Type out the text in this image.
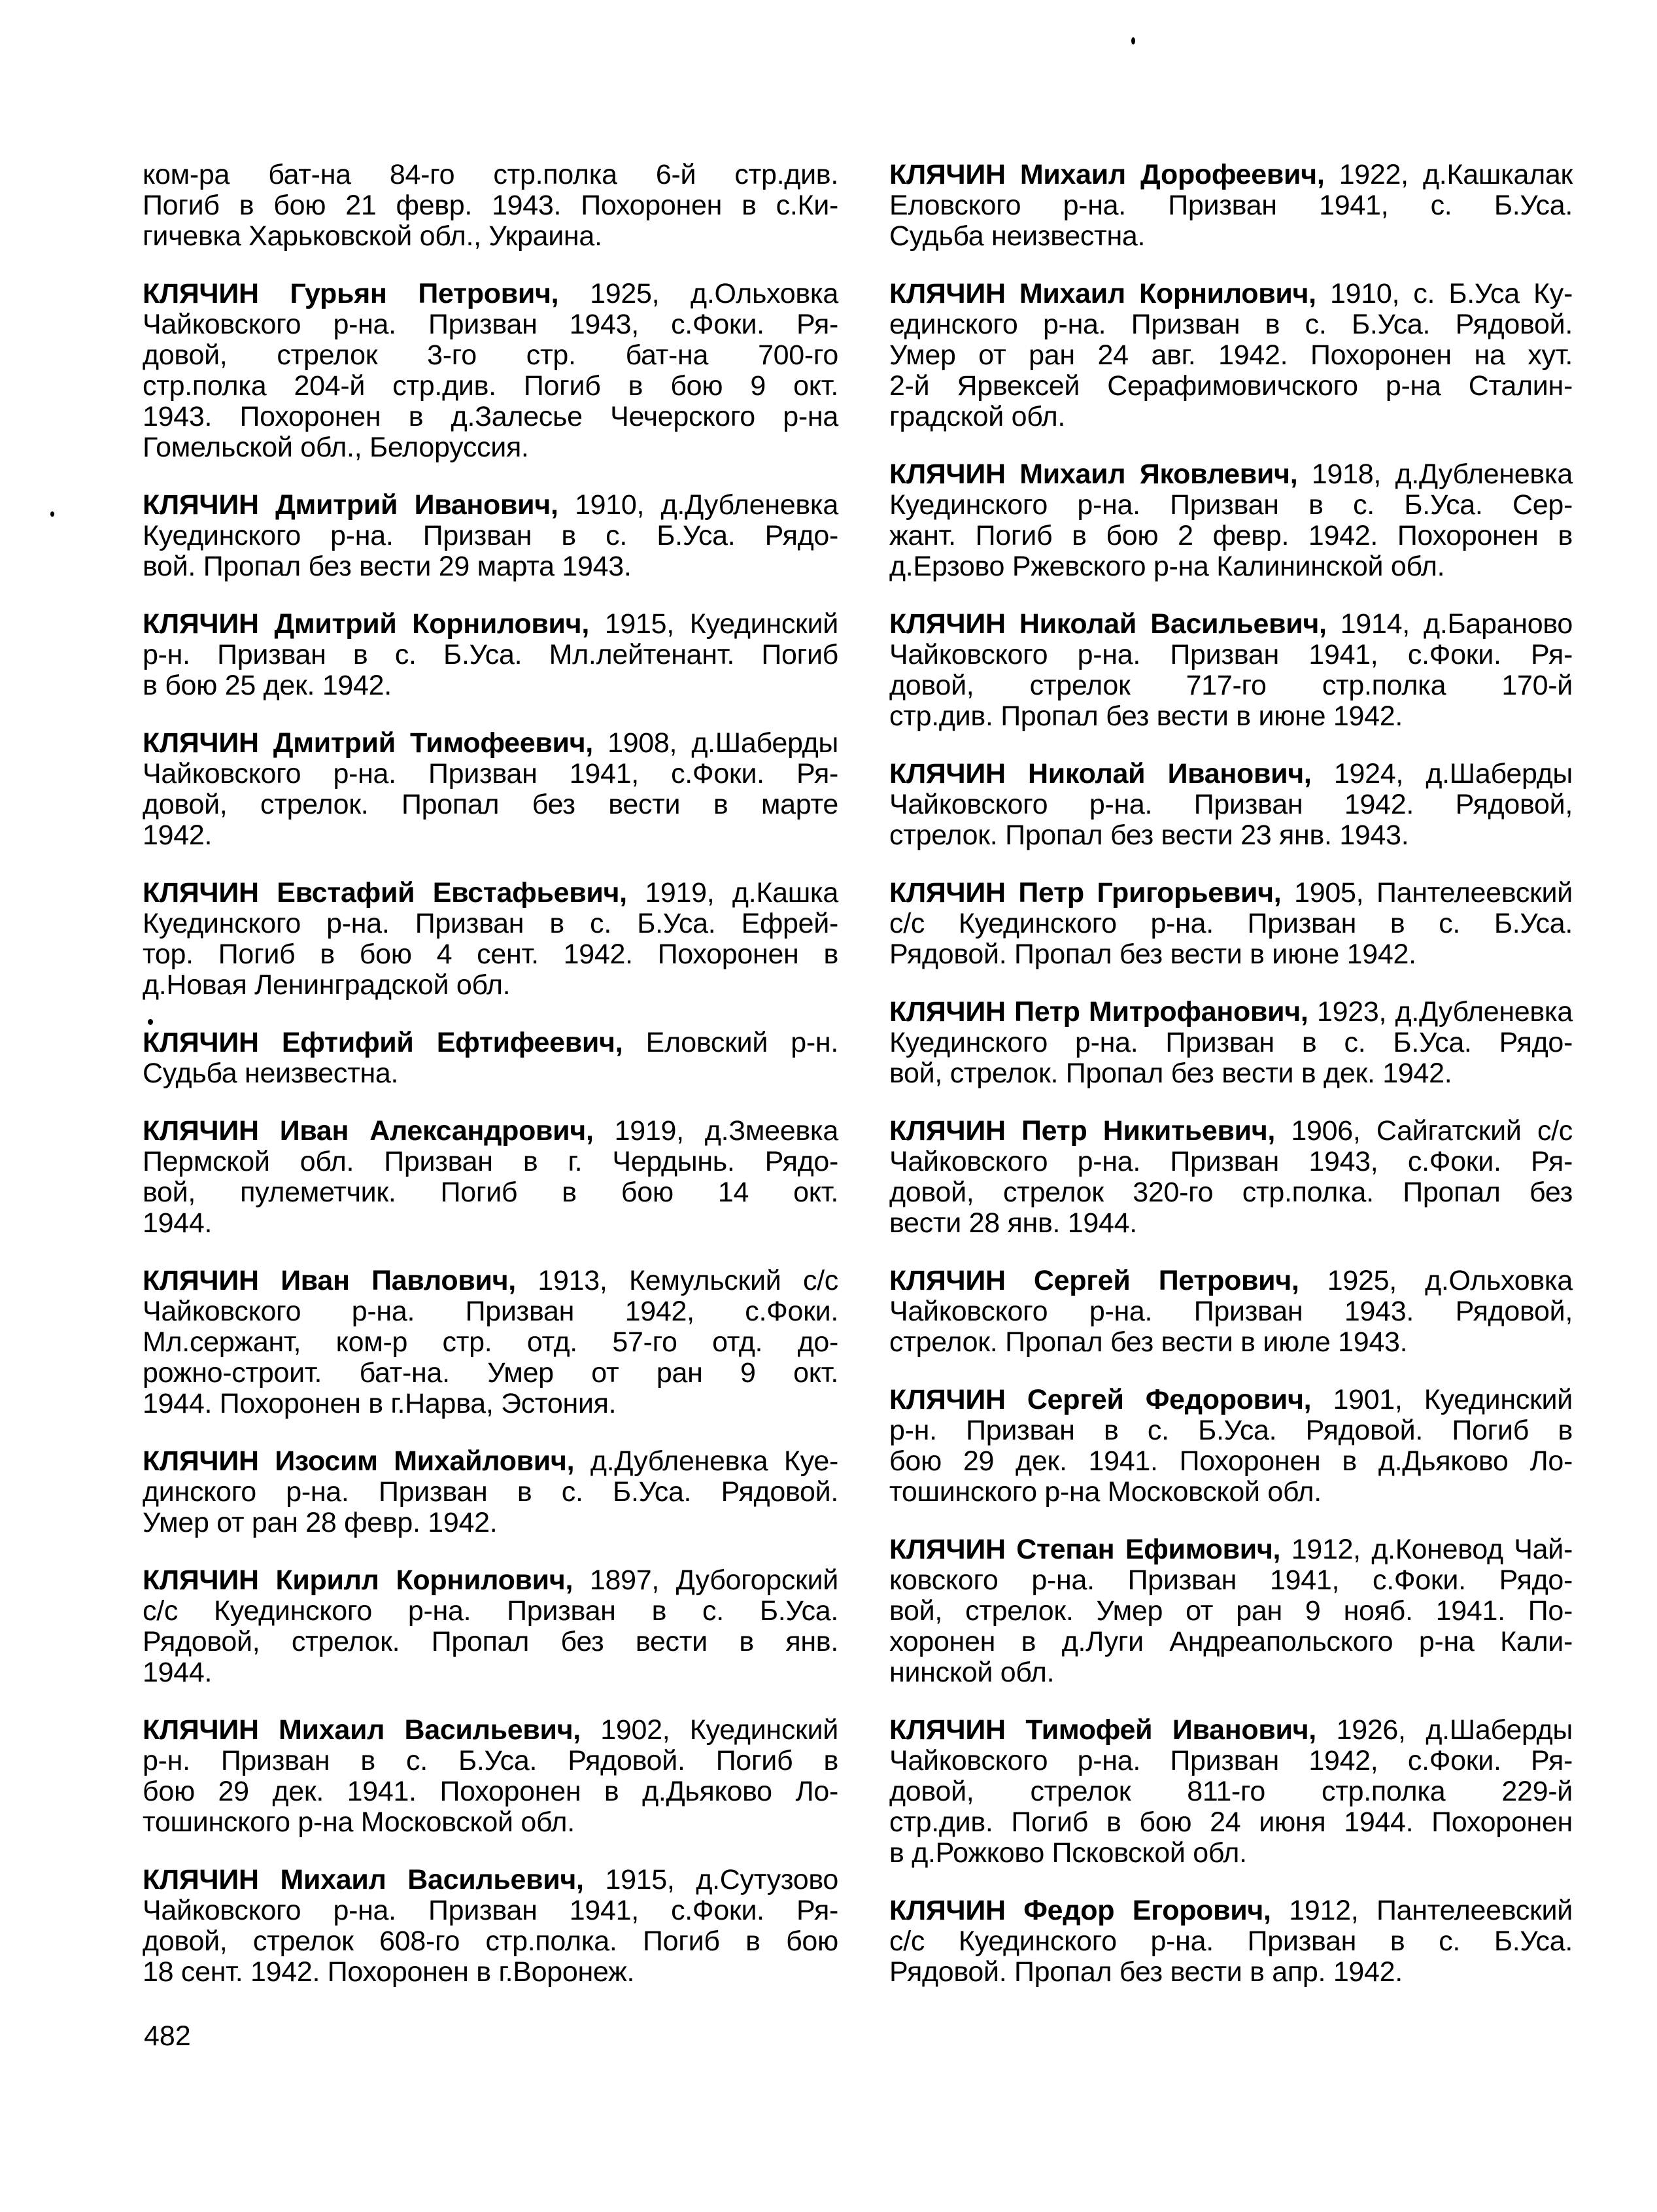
ком-ра бат-на 84-го стр.полка 6-й стр.див.
Погиб в бою 21 февр. 1943. Похоронен в с.Ки-
гичевка Харьковской обл., Украина.
КЛЯЧИН Гурьян Петрович, 1925, д.Ольховка
Чайковского р-на. Призван 1943, с.Фоки. Ря-
довой, стрелок 3-го стр. бат-на 700-го
стр.полка 204-й стр.див. Погиб в бою 9 окт.
1943. Похоронен в д.Залесье Чечерского р-на
Гомельской обл., Белоруссия.
КЛЯЧИН Дмитрий Иванович, 1910, д.Дубленевка
Куединского р-на. Призван в с. Б.Уса. Рядо-
вой. Пропал без вести 29 марта 1943.
КЛЯЧИН Дмитрий Корнилович, 1915, Куединский
р-н. Призван в с. Б.Уса. Мл.лейтенант. Погиб
в бою 25 дек. 1942.
КЛЯЧИН Дмитрий Тимофеевич, 1908, д.Шаберды
Чайковского р-на. Призван 1941, с.Фоки. Ря-
довой, стрелок. Пропал без вести в марте
1942.
КЛЯЧИН Евстафий Евстафьевич, 1919, д.Кашка
Куединского р-на. Призван в с. Б.Уса. Ефрей-
тор. Погиб в бою 4 сент. 1942. Похоронен в
д.Новая Ленинградской обл.
КЛЯЧИН Ефтифий Ефтифеевич, Еловский р-н.
Судьба неизвестна.
КЛЯЧИН Иван Александрович, 1919, д.Змеевка
Пермской обл. Призван в г. Чердынь. Рядо-
вой, пулеметчик. Погиб в бою 14 окт.
1944.
КЛЯЧИН Иван Павлович, 1913, Кемульский с/с
Чайковского р-на. Призван 1942, с.Фоки.
Мл.сержант, ком-р стр. отд. 57-го отд. до-
рожно-строит. бат-на. Умер от ран 9 окт.
1944. Похоронен в г.Нарва, Эстония.
КЛЯЧИН Изосим Михайлович, д.Дубленевка Куе-
динского р-на. Призван в с. Б.Уса. Рядовой.
Умер от ран 28 февр. 1942.
КЛЯЧИН Кирилл Корнилович, 1897, Дубогорский
с/с Куединского р-на. Призван в с. Б.Уса.
Рядовой, стрелок. Пропал без вести в янв.
1944.
КЛЯЧИН Михаил Васильевич, 1902, Куединский
р-н. Призван в с. Б.Уса. Рядовой. Погиб в
бою 29 дек. 1941. Похоронен в д.Дьяково Ло-
тошинского р-на Московской обл.
КЛЯЧИН Михаил Васильевич, 1915, д.Сутузово
Чайковского р-на. Призван 1941, с.Фоки. Ря-
довой, стрелок 608-го стр.полка. Погиб в бою
18 сент. 1942. Похоронен в г.Воронеж.
КЛЯЧИН Михаил Дорофеевич, 1922, д.Кашкалак
Еловского р-на. Призван 1941, с. Б.Уса.
Судьба неизвестна.
КЛЯЧИН Михаил Корнилович, 1910, с. Б.Уса Ку-
единского р-на. Призван в с. Б.Уса. Рядовой.
Умер от ран 24 авг. 1942. Похоронен на хут.
2-й Ярвексей Серафимовичского р-на Сталин-
градской обл.
КЛЯЧИН Михаил Яковлевич, 1918, д.Дубленевка
Куединского р-на. Призван в с. Б.Уса. Сер-
жант. Погиб в бою 2 февр. 1942. Похоронен в
д.Ерзово Ржевского р-на Калининской обл.
КЛЯЧИН Николай Васильевич, 1914, д.Бараново
Чайковского р-на. Призван 1941, с.Фоки. Ря-
довой, стрелок 717-го стр.полка 170-й
стр.див. Пропал без вести в июне 1942.
КЛЯЧИН Николай Иванович, 1924, д.Шаберды
Чайковского р-на. Призван 1942. Рядовой,
стрелок. Пропал без вести 23 янв. 1943.
КЛЯЧИН Петр Григорьевич, 1905, Пантелеевский
с/с Куединского р-на. Призван в с. Б.Уса.
Рядовой. Пропал без вести в июне 1942.
КЛЯЧИН Петр Митрофанович, 1923, д.Дубленевка
Куединского р-на. Призван в с. Б.Уса. Рядо-
вой, стрелок. Пропал без вести в дек. 1942.
КЛЯЧИН Петр Никитьевич, 1906, Сайгатский с/с
Чайковского р-на. Призван 1943, с.Фоки. Ря-
довой, стрелок 320-го стр.полка. Пропал без
вести 28 янв. 1944.
КЛЯЧИН Сергей Петрович, 1925, д.Ольховка
Чайковского р-на. Призван 1943. Рядовой,
стрелок. Пропал без вести в июле 1943.
КЛЯЧИН Сергей Федорович, 1901, Куединский
р-н. Призван в с. Б.Уса. Рядовой. Погиб в
бою 29 дек. 1941. Похоронен в д.Дьяково Ло-
тошинского р-на Московской обл.
КЛЯЧИН Степан Ефимович, 1912, д.Коневод Чай-
ковского р-на. Призван 1941, с.Фоки. Рядо-
вой, стрелок. Умер от ран 9 нояб. 1941. По-
хоронен в д.Луги Андреапольского р-на Кали-
нинской обл.
КЛЯЧИН Тимофей Иванович, 1926, д.Шаберды
Чайковского р-на. Призван 1942, с.Фоки. Ря-
довой, стрелок 811-го стр.полка 229-й
стр.див. Погиб в бою 24 июня 1944. Похоронен
в д.Рожково Псковской обл.
КЛЯЧИН Федор Егорович, 1912, Пантелеевский
с/с Куединского р-на. Призван в с. Б.Уса.
Рядовой. Пропал без вести в апр. 1942.
482
